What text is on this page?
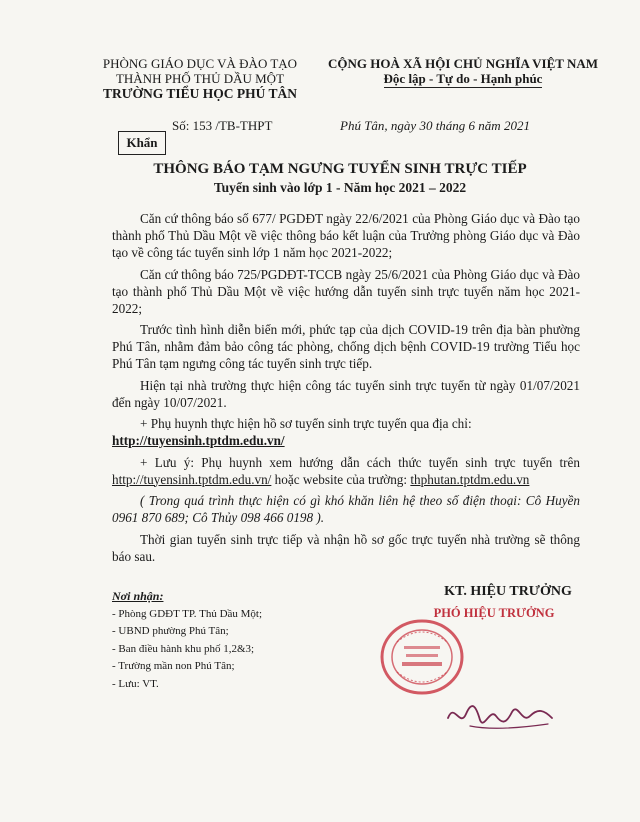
PHÒNG GIÁO DỤC VÀ ĐÀO TẠO
THÀNH PHỐ THỦ DẦU MỘT
TRƯỜNG TIỂU HỌC PHÚ TÂN
CỘNG HOÀ XÃ HỘI CHỦ NGHĨA VIỆT NAM
Độc lập - Tự do - Hạnh phúc
Số: 153 /TB-THPT	Phú Tân, ngày 30 tháng 6 năm 2021
Khẩn
THÔNG BÁO TẠM NGƯNG TUYỂN SINH TRỰC TIẾP
Tuyển sinh vào lớp 1 - Năm học 2021 – 2022

Căn cứ thông báo số 677/ PGDĐT ngày 22/6/2021 của Phòng Giáo dục và Đào tạo thành phố Thủ Dầu Một về việc thông báo kết luận của Trưởng phòng Giáo dục và Đào tạo về công tác tuyển sinh lớp 1 năm học 2021-2022;

Căn cứ thông báo 725/PGDĐT-TCCB ngày 25/6/2021 của Phòng Giáo dục và Đào tạo thành phố Thủ Dầu Một về việc hướng dẫn tuyển sinh trực tuyến năm học 2021-2022;

Trước tình hình diễn biến mới, phức tạp của dịch COVID-19 trên địa bàn phường Phú Tân, nhằm đảm bảo công tác phòng, chống dịch bệnh COVID-19 trường Tiểu học Phú Tân tạm ngưng công tác tuyển sinh trực tiếp.

Hiện tại nhà trường thực hiện công tác tuyển sinh trực tuyến từ ngày 01/07/2021 đến ngày 10/07/2021.

+ Phụ huynh thực hiện hồ sơ tuyển sinh trực tuyến qua địa chỉ:
http://tuyensinh.tptdm.edu.vn/

+ Lưu ý: Phụ huynh xem hướng dẫn cách thức tuyển sinh trực tuyến trên http://tuyensinh.tptdm.edu.vn/ hoặc website của trường: thphutan.tptdm.edu.vn

( Trong quá trình thực hiện có gì khó khăn liên hệ theo số điện thoại: Cô Huyền 0961 870 689; Cô Thủy 098 466 0198 ).

Thời gian tuyển sinh trực tiếp và nhận hồ sơ gốc trực tuyến nhà trường sẽ thông báo sau.

Nơi nhận:
- Phòng GDĐT TP. Thủ Dầu Một;
- UBND phường Phú Tân;
- Ban điều hành khu phố 1,2&3;
- Trường mần non Phú Tân;
- Lưu: VT.
KT. HIỆU TRƯỞNG
PHÓ HIỆU TRƯỞNG
